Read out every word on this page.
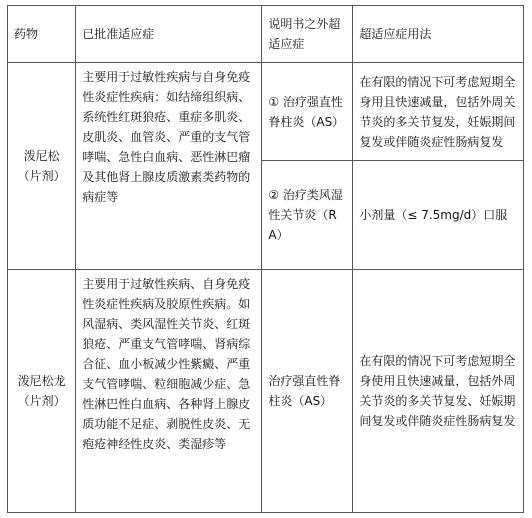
药物	已批准适应症	说明书之外超适应症	超适应症用法

泼尼松
（片剂）	主要用于过敏性疾病与自身免疫性炎症性疾病：如结缔组织病、系统性红斑狼疮、重症多肌炎、皮肌炎、血管炎、严重的支气管哮喘、急性白血病、恶性淋巴瘤及其他肾上腺皮质激素类药物的病症等	① 治疗强直性脊柱炎（AS）	在有限的情况下可考虑短期全身用且快速减量，包括外周关节炎的多关节复发，妊娠期间复发或伴随炎症性肠病复发
		② 治疗类风湿性关节炎（RA）	小剂量（≤ 7.5mg/d）口服

泼尼松龙
（片剂）	主要用于过敏性疾病、自身免疫性炎症性疾病及胶原性疾病。如风湿病、类风湿性关节炎、红斑狼疮、严重支气管哮喘、肾病综合征、血小板减少性紫癜、严重支气管哮喘、粒细胞减少症、急性淋巴性白血病、各种肾上腺皮质功能不足症、剥脱性皮炎、无疱疮神经性皮炎、类湿疹等	治疗强直性脊柱炎（AS）	在有限的情况下可考虑短期全身使用且快速减量，包括外周关节炎的多关节复发、妊娠期间复发或伴随炎症性肠病复发
